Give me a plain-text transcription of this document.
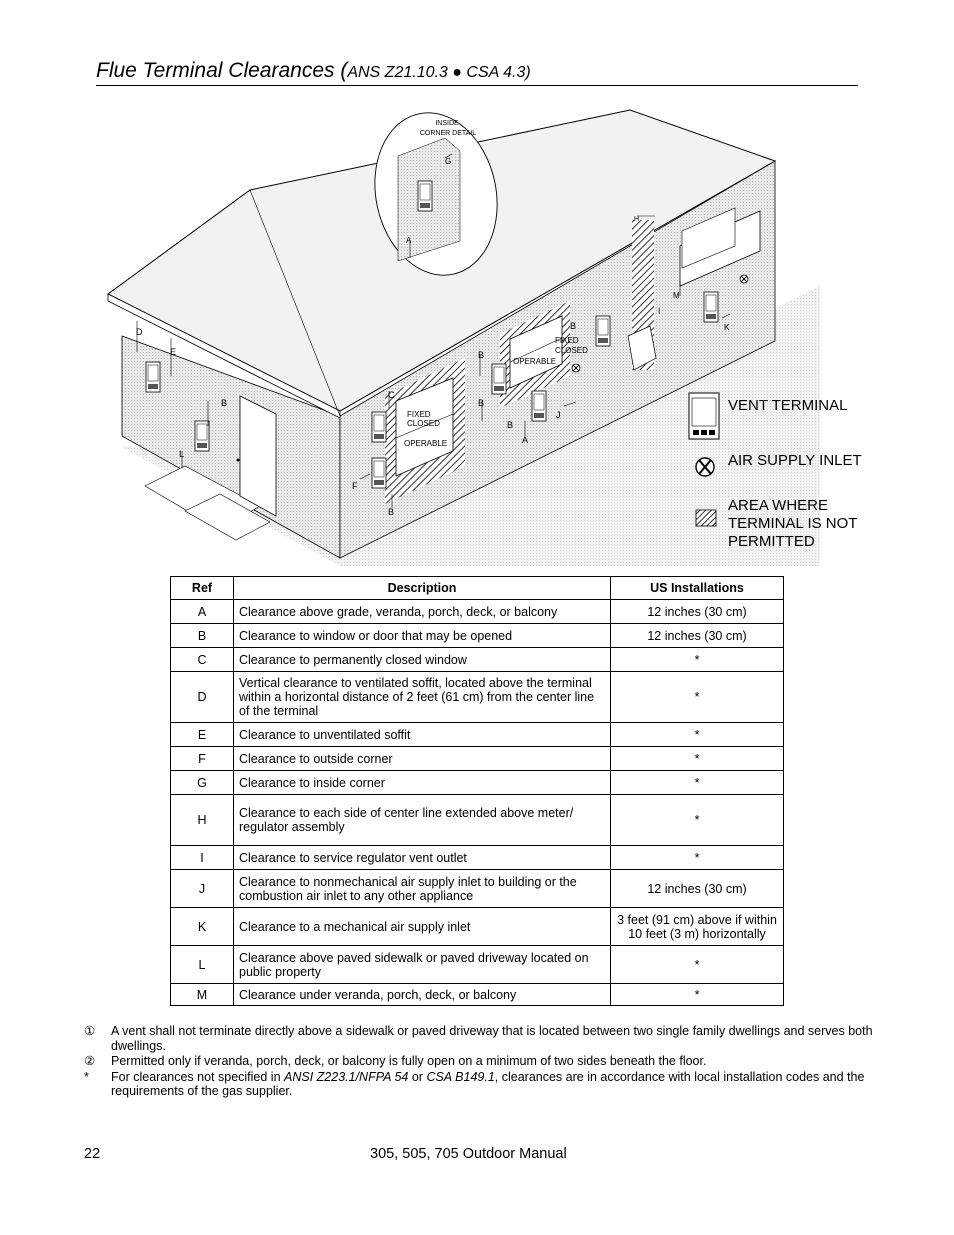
Flue Terminal Clearances (ANS Z21.10.3 ● CSA 4.3)
INSIDE
CORNER DETAIL
D
E
B
L
F
C
B
B
B
B
A
J
B
H
I
M
K
A
G
FIXED
CLOSED
OPERABLE
FIXED
CLOSED
OPERABLE
VENT TERMINAL
AIR SUPPLY INLET
AREA WHERE
TERMINAL IS NOT
PERMITTED
Ref	Description	US Installations
A	Clearance above grade, veranda, porch, deck, or balcony	12 inches (30 cm)
B	Clearance to window or door that may be opened	12 inches (30 cm)
C	Clearance to permanently closed window	*
D	Vertical clearance to ventilated soffit, located above the terminal within a horizontal distance of 2 feet (61 cm) from the center line of the terminal	*
E	Clearance to unventilated soffit	*
F	Clearance to outside corner	*
G	Clearance to inside corner	*
H	Clearance to each side of center line extended above meter/ regulator assembly	*
I	Clearance to service regulator vent outlet	*
J	Clearance to nonmechanical air supply inlet to building or the combustion air inlet to any other appliance	12 inches (30 cm)
K	Clearance to a mechanical air supply inlet	3 feet (91 cm) above if within 10 feet (3 m) horizontally
L	Clearance above paved sidewalk or paved driveway located on public property	*
M	Clearance under veranda, porch, deck, or balcony	*
①	A vent shall not terminate directly above a sidewalk or paved driveway that is located between two single family dwellings and serves both dwellings.
②	Permitted only if veranda, porch, deck, or balcony is fully open on a minimum of two sides beneath the floor.
*	For clearances not specified in ANSI Z223.1/NFPA 54 or CSA B149.1, clearances are in accordance with local installation codes and the requirements of the gas supplier.
22	305, 505, 705 Outdoor Manual
